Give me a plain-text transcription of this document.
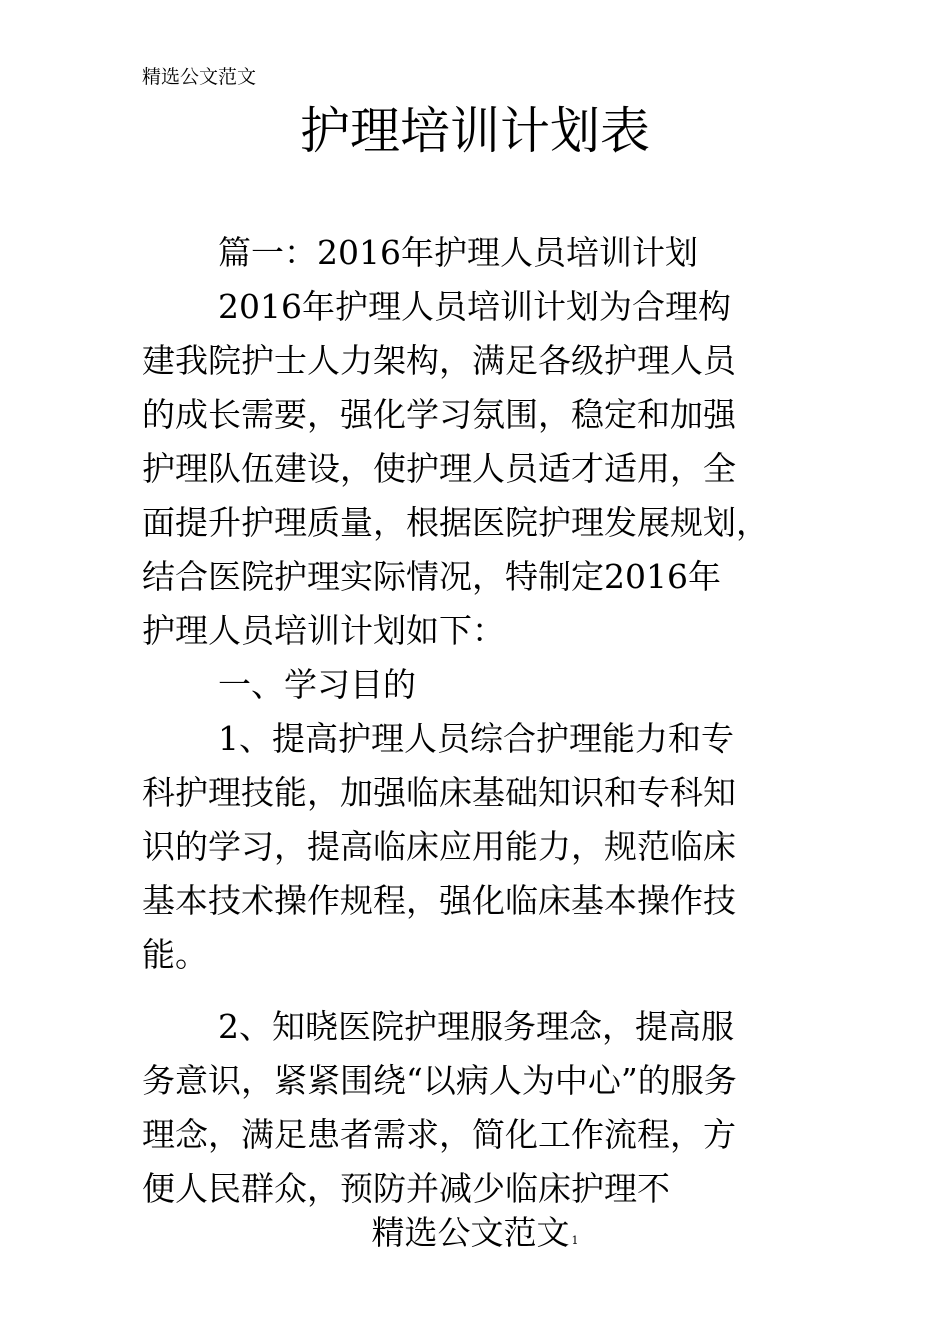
精选公文范文
护理培训计划表
篇一：2016年护理人员培训计划
2016年护理人员培训计划为合理构
建我院护士人力架构，满足各级护理人员
的成长需要，强化学习氛围，稳定和加强
护理队伍建设，使护理人员适才适用，全
面提升护理质量，根据医院护理发展规划，
结合医院护理实际情况，特制定2016年
护理人员培训计划如下：
一、学习目的
1、提高护理人员综合护理能力和专
科护理技能，加强临床基础知识和专科知
识的学习，提高临床应用能力，规范临床
基本技术操作规程，强化临床基本操作技
能。
2、知晓医院护理服务理念，提高服
务意识，紧紧围绕“以病人为中心”的服务
理念，满足患者需求，简化工作流程，方
便人民群众，预防并减少临床护理不
精选公文范文 1
